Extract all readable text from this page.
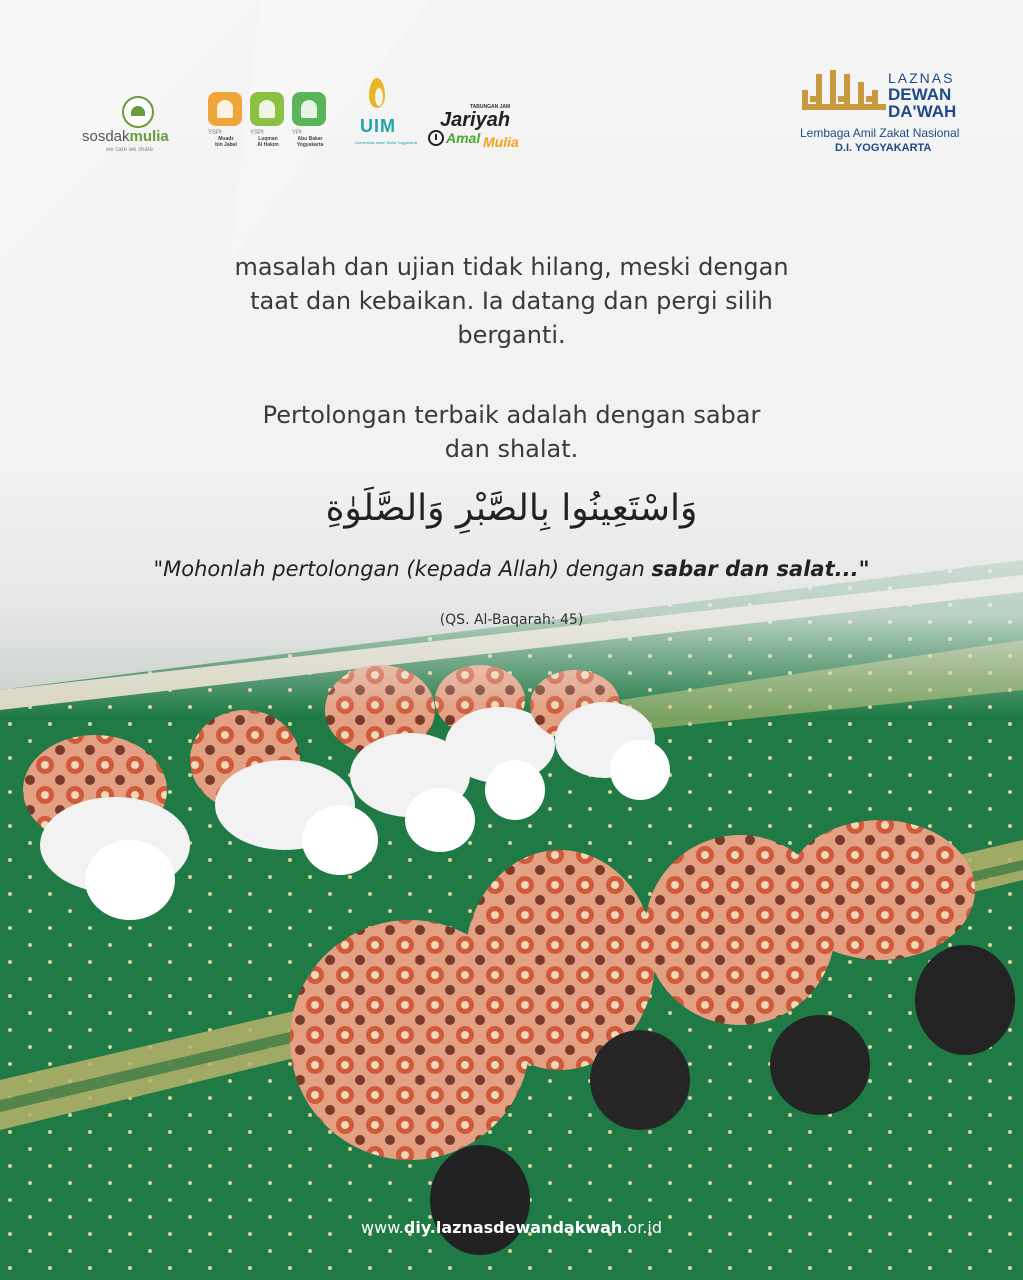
sosdakmulia
we care we share
YSPI
Muadz
bin Jabal
YSPI
Luqman
Al Hakim
YPI
Abu Bakar
Yogyakarta
UIM
Universitas Islam Mulia Yogyakarta
TABUNGAN JAM
Jariyah
Amal Mulia
LAZNAS
DEWAN
DA'WAH
Lembaga Amil Zakat Nasional
D.I. YOGYAKARTA
masalah dan ujian tidak hilang, meski dengan
taat dan kebaikan. Ia datang dan pergi silih
berganti.
Pertolongan terbaik adalah dengan sabar
dan shalat.
وَاسْتَعِينُوا بِالصَّبْرِ وَالصَّلَوٰةِ
"Mohonlah pertolongan (kepada Allah) dengan sabar dan salat..."
(QS. Al-Baqarah: 45)
www.diy.laznasdewandakwah.or.id
